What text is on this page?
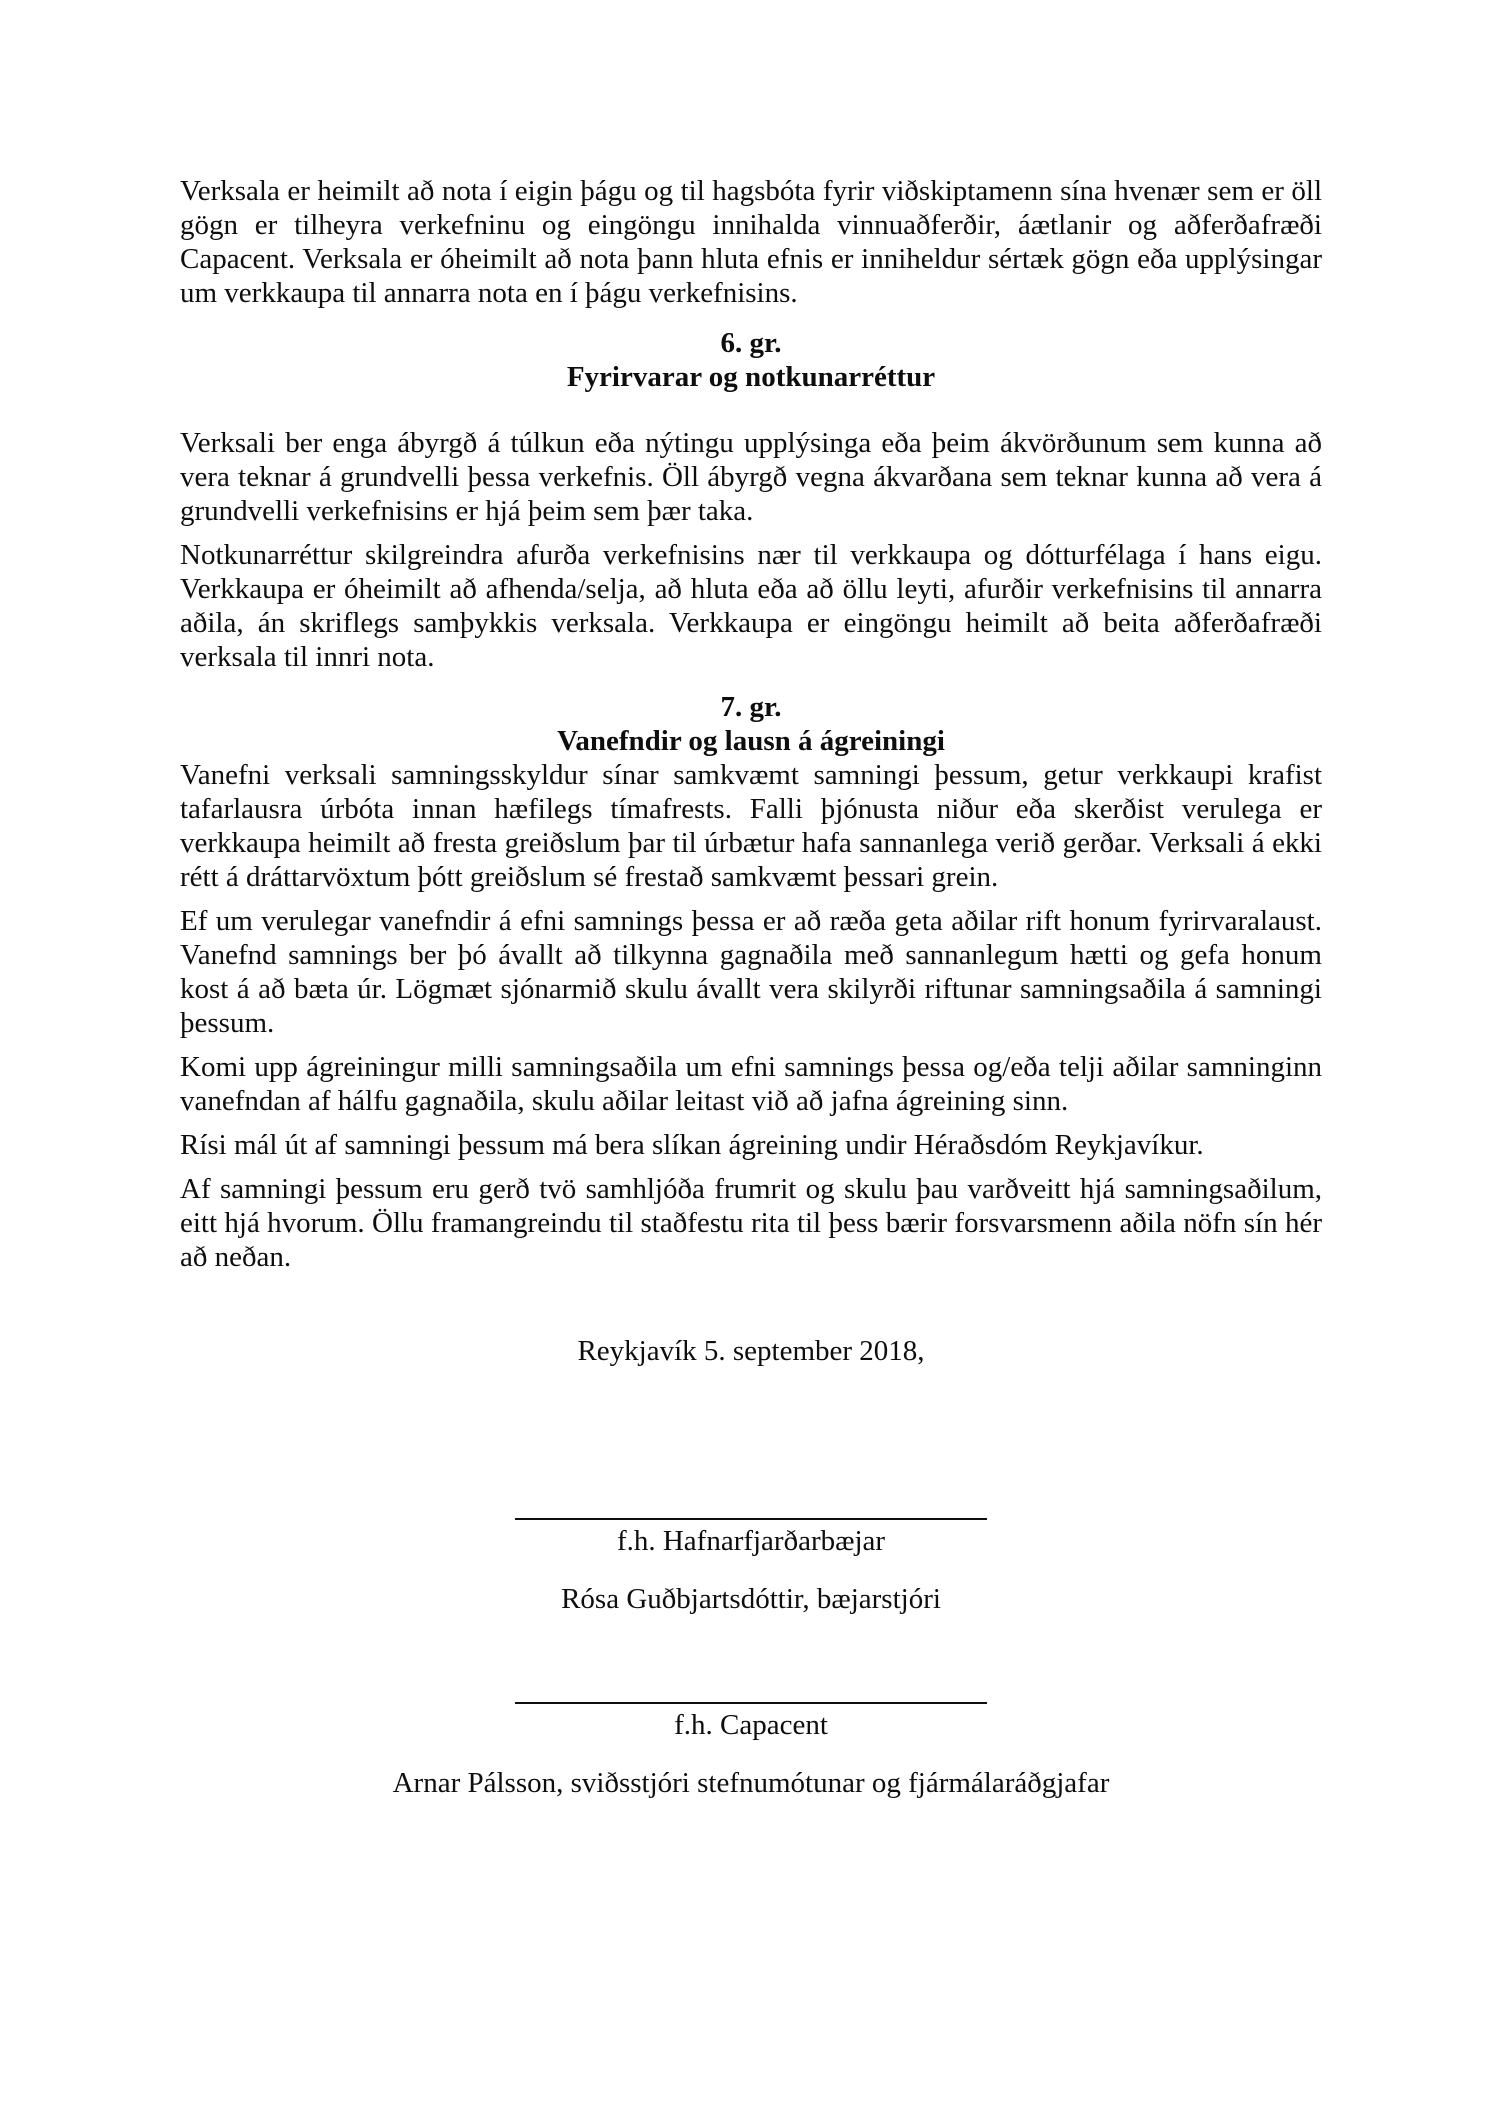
Verksala er heimilt að nota í eigin þágu og til hagsbóta fyrir viðskiptamenn sína hvenær sem er öll gögn er tilheyra verkefninu og eingöngu innihalda vinnuaðferðir, áætlanir og aðferðafræði Capacent. Verksala er óheimilt að nota þann hluta efnis er inniheldur sértæk gögn eða upplýsingar um verkkaupa til annarra nota en í þágu verkefnisins.

6. gr.
Fyrirvarar og notkunarréttur

Verksali ber enga ábyrgð á túlkun eða nýtingu upplýsinga eða þeim ákvörðunum sem kunna að vera teknar á grundvelli þessa verkefnis. Öll ábyrgð vegna ákvarðana sem teknar kunna að vera á grundvelli verkefnisins er hjá þeim sem þær taka.

Notkunarréttur skilgreindra afurða verkefnisins nær til verkkaupa og dótturfélaga í hans eigu. Verkkaupa er óheimilt að afhenda/selja, að hluta eða að öllu leyti, afurðir verkefnisins til annarra aðila, án skriflegs samþykkis verksala. Verkkaupa er eingöngu heimilt að beita aðferðafræði verksala til innri nota.

7. gr.
Vanefndir og lausn á ágreiningi

Vanefni verksali samningsskyldur sínar samkvæmt samningi þessum, getur verkkaupi krafist tafarlausra úrbóta innan hæfilegs tímafrests. Falli þjónusta niður eða skerðist verulega er verkkaupa heimilt að fresta greiðslum þar til úrbætur hafa sannanlega verið gerðar. Verksali á ekki rétt á dráttarvöxtum þótt greiðslum sé frestað samkvæmt þessari grein.

Ef um verulegar vanefndir á efni samnings þessa er að ræða geta aðilar rift honum fyrirvaralaust. Vanefnd samnings ber þó ávallt að tilkynna gagnaðila með sannanlegum hætti og gefa honum kost á að bæta úr. Lögmæt sjónarmið skulu ávallt vera skilyrði riftunar samningsaðila á samningi þessum.

Komi upp ágreiningur milli samningsaðila um efni samnings þessa og/eða telji aðilar samninginn vanefndan af hálfu gagnaðila, skulu aðilar leitast við að jafna ágreining sinn.

Rísi mál út af samningi þessum má bera slíkan ágreining undir Héraðsdóm Reykjavíkur.

Af samningi þessum eru gerð tvö samhljóða frumrit og skulu þau varðveitt hjá samningsaðilum, eitt hjá hvorum. Öllu framangreindu til staðfestu rita til þess bærir forsvarsmenn aðila nöfn sín hér að neðan.

Reykjavík 5. september 2018,
f.h. Hafnarfjarðarbæjar
Rósa Guðbjartsdóttir, bæjarstjóri
f.h. Capacent
Arnar Pálsson, sviðsstjóri stefnumótunar og fjármálaráðgjafar
